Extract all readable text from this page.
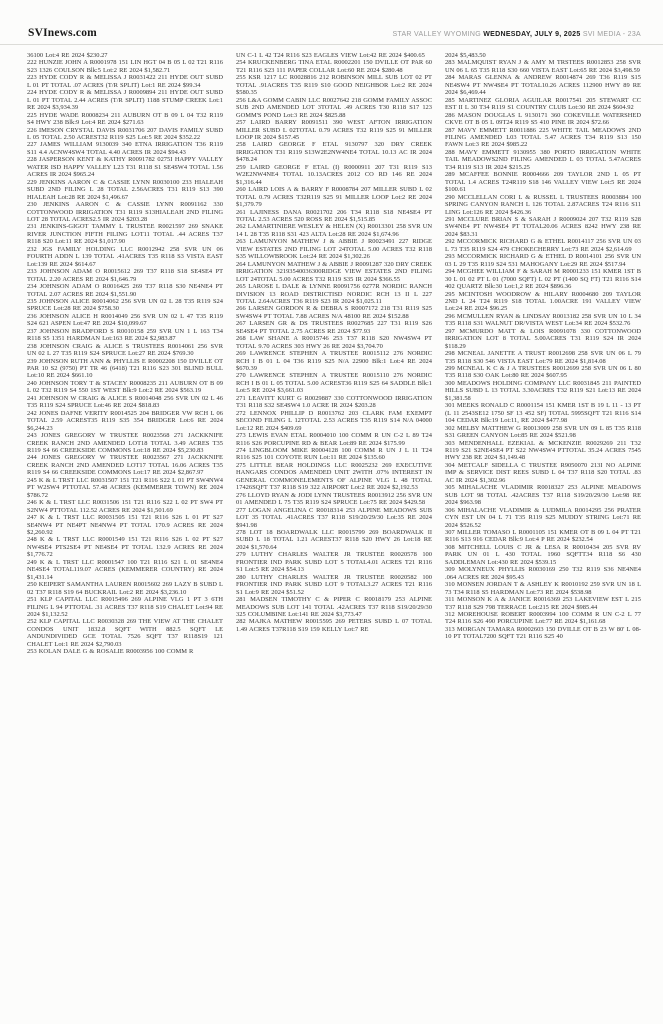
SVInews.com	STAR VALLEY WYOMING WEDNESDAY, JULY 9, 2025 SVI MEDIA - 23A

36100 Lot:4 RE 2024 $230.27

222 HUNZIE JOHN A R0001978 151 LIN HGT 04 B 05 L 02 T21 R116 S23 1326 COULSON Blk:5 Lot:2 RE 2024 $1,582.71

223 HYDE CODY R & MELISSA J R0031422 211 HYDE OUT SUBD L 01 PT TOTAL .07 ACRES (T/R SPLIT) Lot:1 RE 2024 $99.34

224 HYDE CODY R & MELISSA J R0009894 211 HYDE OUT SUBD L 01 PT TOTAL 2.44 ACRES (T/R SPLIT) 1188 STUMP CREEK Lot:1 RE 2024 $3,934.39

225 HYDE WADE R0008234 211 AUBURN OT B 09 L 04 T32 R119 S4 HWY 238 Blk:9 Lot:4 RE 2024 $271.63

226 IMESON CRYSTAL DAVIS R0031706 207 DAVIS FAMILY SUBD L 05 TOTAL 2.50 ACREST32 R119 S25 Lot:5 RE 2024 $352.22

227 JAMES WILLIAM 9130039 340 ETNA IRRIGATION T36 R119 S11 4.4 ACNW4SW4 TOTAL 4.40 ACRES IR 2024 $94.43

228 JASPERSON KENT & KATHY R0091782 0275I HAPPY VALLEY WATER ISD HAPPY VALLEY L23 T31 R118 S1 SE4SW4 TOTAL 1.56 ACRES IR 2024 $965.24

229 JENKINS AARON C & CASSIE LYNN R0030100 233 HIALEAH SUBD 2ND FILING L 28 TOTAL 2.56ACRES T31 R119 S13 390 HIALEAH Lot:28 RE 2024 $1,496.67

230 JENKINS AARON C & CASSIE LYNN R0091162 330 COTTONWOOD IRRIGATION T31 R119 S13HIALEAH 2ND FILING LOT 28 TOTAL ACRES2.5 IR 2024 $203.28

231 JENKINS-GIGOT TAMMY L TRUSTEE R0021597 269 SNAKE RIVER JUNCTION FIFTH FILING LOT11 TOTAL .44 ACRES T37 R118 S20 Lot:11 RE 2024 $1,017.90

232 JGS FAMILY HOLDING LLC R0012942 258 SVR UN 06 FOURTH ADDN L 139 TOTAL .41ACRES T35 R118 S3 VISTA EAST Lot:139 RE 2024 $614.67

233 JOHNSON ADAM O R0015612 269 T37 R118 S18 SE4SE4 PT TOTAL 2.20 ACRES RE 2024 $1,646.79

234 JOHNSON ADAM O R0016425 269 T37 R118 S30 NE4NE4 PT TOTAL 2.07 ACRES RE 2024 $1,551.90

235 JOHNSON ALICE R0014062 256 SVR UN 02 L 28 T35 R119 S24 SPRUCE Lot:28 RE 2024 $758.30

236 JOHNSON ALICE H R0014049 256 SVR UN 02 L 47 T35 R119 S24 621 ASPEN Lot:47 RE 2024 $10,099.67

237 JOHNSON BRADFORD S R0010158 259 SVR UN 1 L 163 T34 R118 S5 1351 HARDMAN Lot:163 RE 2024 $2,983.87

238 JOHNSON CRAIG & ALICE S TRUSTEES R0014061 256 SVR UN 02 L 27 T35 R119 S24 SPRUCE Lot:27 RE 2024 $769.30

239 JOHNSON RUTH ANN & PHYLLIS E R0002208 150 DVILLE OT PAR 10 S2 (9750) PT TR 46 (6418) T21 R116 S23 301 BLIND BULL Lot:10 RE 2024 $661.10

240 JOHNSON TORY T & STACEY R0008235 211 AUBURN OT B 09 L 02 T32 R119 S4 550 1ST WEST Blk:9 Lot:2 RE 2024 $563.19

241 JOHNSON W CRAIG & ALICE S R0014048 256 SVR UN 02 L 46 T35 R119 S24 SPRUCE Lot:46 RE 2024 $818.83

242 JONES DAFNE VERITY R0014525 204 BRIDGER VW RCH L 06 TOTAL 2.59 ACREST35 R119 S35 354 BRIDGER Lot:6 RE 2024 $6,244.23

243 JONES GREGORY W TRUSTEE R0023568 271 JACKKNIFE CREEK RANCH 2ND AMENDED LOT18 TOTAL 3.49 ACRES T35 R119 S4 66 CREEKSIDE COMMONS Lot:18 RE 2024 $5,230.83

244 JONES GREGORY W TRUSTEE R0023567 271 JACKKNIFE CREEK RANCH 2ND AMENDED LOT17 TOTAL 16.06 ACRES T35 R119 S4 66 CREEKSIDE COMMONS Lot:17 RE 2024 $2,867.97

245 K & L TRST LLC R0031507 151 T21 R116 S22 L 01 PT SW4NW4 PT W2SW4 PTTOTAL 57.48 ACRES (KEMMERER TOWN) RE 2024 $786.72

246 K & L TRST LLC R0031506 151 T21 R116 S22 L 02 PT SW4 PT S2NW4 PTTOTAL 112.52 ACRES RE 2024 $1,501.69

247 K & L TRST LLC R0031505 151 T21 R116 S26 L 01 PT S27 SE4NW4 PT NE4PT NE4NW4 PT TOTAL 170.9 ACRES RE 2024 $2,260.92

248 K & L TRST LLC R0001549 151 T21 R116 S26 L 02 PT S27 NW4SE4 PTS2SE4 PT NE4SE4 PT TOTAL 132.9 ACRES RE 2024 $1,776.72

249 K & L TRST LLC R0001547 100 T21 R116 S21 L 01 SE4NE4 NE4SE4 TOTAL119.07 ACRES (KEMMERER COUNTRY) RE 2024 $1,431.14

250 KEIPERT SAMANTHA LAUREN R0015602 269 LAZY B SUBD L 02 T37 R118 S19 64 BUCKRAIL Lot:2 RE 2024 $3,236.10

251 KLP CAPITAL LLC R0015496 269 ALPINE VLG 1 PT 3 6TH FILING L 94 PTTOTAL .31 ACRES T37 R118 S19 CHALET Lot:94 RE 2024 $1,132.52

252 KLP CAPITAL LLC R0030328 269 THE VIEW AT THE CHALET CONDOS UNIT 1832.8 SQFT WITH 882.5 SQFT LE ANDUNDIVIDED GCE TOTAL 7526 SQFT T37 R118S19 121 CHALET Lot:1 RE 2024 $2,790.03

253 KOLAN DALE G & ROSALIE R0003956 100 COMM R

UN C-1 L 42 T24 R116 S23 EAGLES VIEW Lot:42 RE 2024 $400.65

254 KRUCKENBERG TINA ETAL R0002201 150 DVILLE OT PAR 60 T21 R116 S23 111 PAPER COLLAR Lot:60 RE 2024 $280.48

255 KSR 1217 LC R0028816 212 ROBINSON MILL SUB LOT 02 PT TOTAL .91ACRES T35 R119 S10 GOOD NEIGHBOR Lot:2 RE 2024 $580.35

256 L&A GOMM CABIN LLC R0027642 218 GOMM FAMILY ASSOC SUB 2ND AMENDED LOT 3TOTAL .49 ACRES T30 R118 S17 123 GOMM'S POND Lot:3 RE 2024 $825.88

257 LAIRD BARRY R0091511 390 WEST AFTON IRRIGATION MILLER SUBD L 02TOTAL 0.79 ACRES T32 R119 S25 91 MILLER LOOP IR 2024 $157.45

258 LAIRD GEORGE F ETAL 9130797 320 DRY CREEK IRRIGATION T31 R119 S13W2E2NW4NE4 TOTAL 10.13 AC IR 2024 $478.24

259 LAIRD GEORGE F ETAL (I) R0000911 207 T31 R119 S13 W2E2NW4NE4 TOTAL 10.13ACRES 2012 CO RD 146 RE 2024 $1,316.44

260 LAIRD LOIS A & BARRY F R0008784 207 MILLER SUBD L 02 TOTAL 0.79 ACRES T32R119 S25 91 MILLER LOOP Lot:2 RE 2024 $1,379.79

261 LAJINESS DANA R0021702 206 T34 R118 S18 NE4SE4 PT TOTAL 2.53 ACRES 520 ROSS RE 2024 $1,515.85

262 LAMARTINIERE WESLEY & HELEN (X) R0013301 258 SVR UN 14 L 28 T35 R118 S31 423 ALTA Lot:28 RE 2024 $1,674.96

263 LAMUNYON MATHEW J & ABBIE J R0023491 227 RIDGE VIEW ESTATES 2ND FILING LOT 24TOTAL 5.00 ACRES T32 R118 S35 WILLOWBROOK Lot:24 RE 2024 $1,302.26

264 LAMUNYON MATHEW J & ABBIE J R0091287 320 DRY CREEK IRRIGATION 32193540036300RIDGE VIEW ESTATES 2ND FILING LOT 24TOTAL 5.00 ACRES T32 R119 S35 IR 2024 $366.55

265 LAROSE L DALE & LYNNE R0091756 0277R NORDIC RANCH DIVISION 13 ROAD DISTRICTISD NORDIC RCH 13 II L 227 TOTAL 2.64ACRES T36 R119 S23 IR 2024 $1,025.11

266 LARSEN GORDON R & DEBRA S R0007172 218 T31 R119 S25 SW4SW4 PT TOTAL 7.88 ACRES N/A 48100 RE 2024 $152.88

267 LARSEN GR & DS TRUSTEES R0027685 227 T31 R119 S26 SE4SE4 PT TOTAL 2.75 ACRES RE 2024 $77.93

268 LAW SHANE A R0015746 253 T37 R118 S20 NW4SW4 PT TOTAL 9.70 ACRES 303 HWY 26 RE 2024 $3,704.70

269 LAWRENCE STEPHEN A TRUSTEE R0015112 276 NORDIC RCH I B 01 L 04 T36 R119 S25 N/A 22900 Blk:1 Lot:4 RE 2024 $670.39

270 LAWRENCE STEPHEN A TRUSTEE R0015110 276 NORDIC RCH I B 01 L 05 TOTAL 5.00 ACREST36 R119 S25 64 SADDLE Blk:1 Lot:5 RE 2024 $3,661.03

271 LEAVITT KURT G R0029887 330 COTTONWOOD IRRIGATION T31 R118 S32 SE4SW4 1.0 ACRE IR 2024 $203.28

272 LENNOX PHILLIP D R0013762 203 CLARK FAM EXEMPT SECOND FILING L 12TOTAL 2.53 ACRES T35 R119 S14 N/A 04000 Lot:12 RE 2024 $409.69

273 LEWIS EVAN ETAL R0004010 100 COMM R UN C-2 L 89 T24 R116 S26 PORCUPINE RD & BEAR Lot:89 RE 2024 $175.99

274 LINGBLOOM MIKE R0004128 100 COMM R UN J L 11 T24 R116 S25 101 COYOTE RUN Lot:11 RE 2024 $135.60

275 LITTLE BEAR HOLDINGS LLC R0025232 269 EXECUTIVE HANGARS CONDOS AMENDED UNIT 2WITH .07% INTEREST IN GENERAL COMMONELEMENTS OF ALPINE VLG L 48 TOTAL 17426SQFT T37 R118 S19 322 AIRPORT Lot:2 RE 2024 $2,192.53

276 LLOYD RYAN & JODI LYNN TRUSTEES R0013912 256 SVR UN 01 AMENDED L 75 T35 R119 S24 SPRUCE Lot:75 RE 2024 $429.58

277 LOGAN ANGELINA C R0018314 253 ALPINE MEADOWS SUB LOT 35 TOTAL .41ACRES T37 R118 S19/20/29/30 Lot:35 RE 2024 $941.98

278 LOT 18 BOARDWALK LLC R0015799 269 BOARDWALK II SUBD L 18 TOTAL 1.21 ACREST37 R118 S20 HWY 26 Lot:18 RE 2024 $1,570.64

279 LUTHY CHARLES WALTER JR TRUSTEE R0020578 100 FRONTIER IND PARK SUBD LOT 5 TOTAL4.01 ACRES T21 R116 S1 Lot:5 RE 2024 $54.13

280 LUTHY CHARLES WALTER JR TRUSTEE R0020582 100 FRONTIER IND PARK SUBD LOT 9 TOTAL3.27 ACRES T21 R116 S1 Lot:9 RE 2024 $51.52

281 MADSEN TIMOTHY C & PIPER C R0018179 253 ALPINE MEADOWS SUB LOT 141 TOTAL .42ACRES T37 R118 S19/20/29/30 325 COLUMBINE Lot:141 RE 2024 $3,773.47

282 MAJKA MATHEW R0015595 269 PETERS SUBD L 07 TOTAL 1.49 ACRES T37R118 S19 159 KELLY Lot:7 RE

2024 $5,483.50

283 MALMQUIST RYAN J & AMY M TRSTEES R0012853 258 SVR UN 06 L 65 T35 R118 S30 660 VISTA EAST Lot:65 RE 2024 $3,498.59

284 MARAS GLENNA & ANDREW R0014874 269 T36 R119 S15 NE4SW4 PT NW4SE4 PT TOTAL10.26 ACRES 112900 HWY 89 RE 2024 $6,469.44

285 MARTINEZ GLORIA AGUILAR R0017541 205 STEWART CC EST II L 30 T34 R119 S1 COUNTRY CLUB Lot:30 RE 2024 $604.92

286 MASON DOUGLAS L 9130171 360 COKEVILLE WATERSHED CKVE OT B 05 L 09T24 R119 S5 410 PINE IR 2024 $72.66

287 MAVY EMMETT R0011886 225 WHITE TAIL MEADOWS 2ND FILING AMENDED L03 TOTAL 5.47 ACRES T34 R119 S13 150 FAWN Lot:3 RE 2024 $985.22

288 MAVY EMMETT 9130955 380 PORTO IRRIGATION WHITE TAIL MEADOWS2ND FILING AMENDED L 03 TOTAL 5.47ACRES T34 R119 S13 IR 2024 $215.25

289 MCAFFEE BONNIE R0004666 209 TAYLOR 2ND L 05 PT TOTAL 1.4 ACRES T24R119 S18 146 VALLEY VIEW Lot:5 RE 2024 $100.61

290 MCCLELLAN CORI L & RUSSEL L TRUSTEES R0003884 100 SPRING CANYON RANCH L 126 TOTAL 2.87ACRES T24 R116 S11 LING Lot:126 RE 2024 $426.36

291 MCCLURE BRIAN S & SARAH J R0009024 207 T32 R119 S28 SW4NE4 PT NW4SE4 PT TOTAL20.06 ACRES 8242 HWY 238 RE 2024 $83.31

292 MCCORMICK RICHARD G & ETHEL R0014117 256 SVR UN 03 L 73 T35 R119 S24 479 CHOKECHERRY Lot:73 RE 2024 $2,614.69

293 MCCORMICK RICHARD G & ETHEL D R0014101 256 SVR UN 03 L 29 T35 R119 S24 531 MAHOGANY Lot:29 RE 2024 $517.94

294 MCGHEE WILLIAM F & SARAH M R0001233 151 KMER 1ST B 30 L 01 02 PT L 01 (7000 SQFT) L 02 PT (1400 SQ FT) T21 R116 S14 402 QUARTZ Blk:30 Lot:1,2 RE 2024 $896.36

295 MCINTOSH WOODROW & HILARY R0004680 209 TAYLOR 2ND L 24 T24 R119 S18 TOTAL 1.00ACRE 191 VALLEY VIEW Lot:24 RE 2024 $96.25

296 MCMULLEN RYAN & LINDSAY R0013182 258 SVR UN 10 L 34 T35 R118 S31 WALNUT DR/VISTA WEST Lot:34 RE 2024 $532.76

297 MCMURDO MATT & LOIS R0091078 330 COTTONWOOD IRRIGATION LOT 8 TOTAL 5.00ACRES T31 R119 S24 IR 2024 $118.29

298 MCNEAL JANETTE A TRUST R0012698 258 SVR UN 06 L 79 T35 R118 S30 546 VISTA EAST Lot:79 RE 2024 $1,814.08

299 MCNEAL K C & J A TRUSTEES R0012699 258 SVR UN 06 L 80 T35 R118 S30 OAK Lot:80 RE 2024 $607.95

300 MEADOWS HOLDING COMPANY LLC R0031845 211 PAINTED HILLS SUBD L 13 TOTAL 3.30ACRES T32 R119 S21 Lot:13 RE 2024 $1,381.58

301 MEEKS RONALD C R0001154 151 KMER 1ST B 19 L 11 - 13 PT (L 11 2543SE12 1750 SF 13 452 SF) TOTAL 5995SQFT T21 R116 S14 104 CEDAR Blk:19 Lot:11, RE 2024 $477.98

302 MELBY MATTHEW G R0013009 258 SVR UN 09 L 85 T35 R118 S31 GREEN CANYON Lot:85 RE 2024 $521.98

303 MENDENHALL EZEKIAL & MCKENZIE R0029269 211 T32 R119 S21 S2NE4SE4 PT S22 NW4SW4 PTTOTAL 35.24 ACRES 7545 HWY 238 RE 2024 $1,149.48

304 METCALF SIDELLA C TRUSTEE R9050070 213I NO ALPINE IMP & SERVICE DIST REES SUBD L 04 T37 R118 S20 TOTAL .83 AC IR 2024 $1,302.96

305 MIHALACHE VLADIMIR R0018327 253 ALPINE MEADOWS SUB LOT 98 TOTAL .42ACRES T37 R118 S19/20/29/30 Lot:98 RE 2024 $963.98

306 MIHALACHE VLADIMIR & LUDMILA R0014295 256 PRATER CYN EST UN 04 L 71 T35 R119 S25 MUDDY STRING Lot:71 RE 2024 $526.52

307 MILLER TOMASO L R0001105 151 KMER OT B 09 L 04 PT T21 R116 S13 916 CEDAR Blk:9 Lot:4 P RE 2024 $232.54

308 MITCHELL LOUIS C JR & LESA R R0010434 205 SVR RV PARK UN 01 L 430 TOTAL 1960 SQFTT34 R118 S6 430 SADDLEMAN Lot:430 RE 2024 $539.15

309 MOLYNEUX PHYLLIS R0030169 250 T32 R119 S36 NE4NE4 .064 ACRES RE 2024 $95.43

310 MONSEN JORDAN T & ASHLEY K R0010192 259 SVR UN 18 L 73 T34 R118 S5 HARDMAN Lot:73 RE 2024 $538.98

311 MONSON K A & JANICE R0016369 253 LAKEVIEW EST L 215 T37 R118 S29 798 TERRACE Lot:215 RE 2024 $985.44

312 MOREHOUSE ROBERT R0003994 100 COMM R UN C-2 L 77 T24 R116 S26 490 PORCUPINE Lot:77 RE 2024 $1,161.68

313 MORGAN TAMARA R0002603 150 DVILLE OT B 23 W 80' L 08-10 PT TOTAL7200 SQFT T21 R116 S25 40
